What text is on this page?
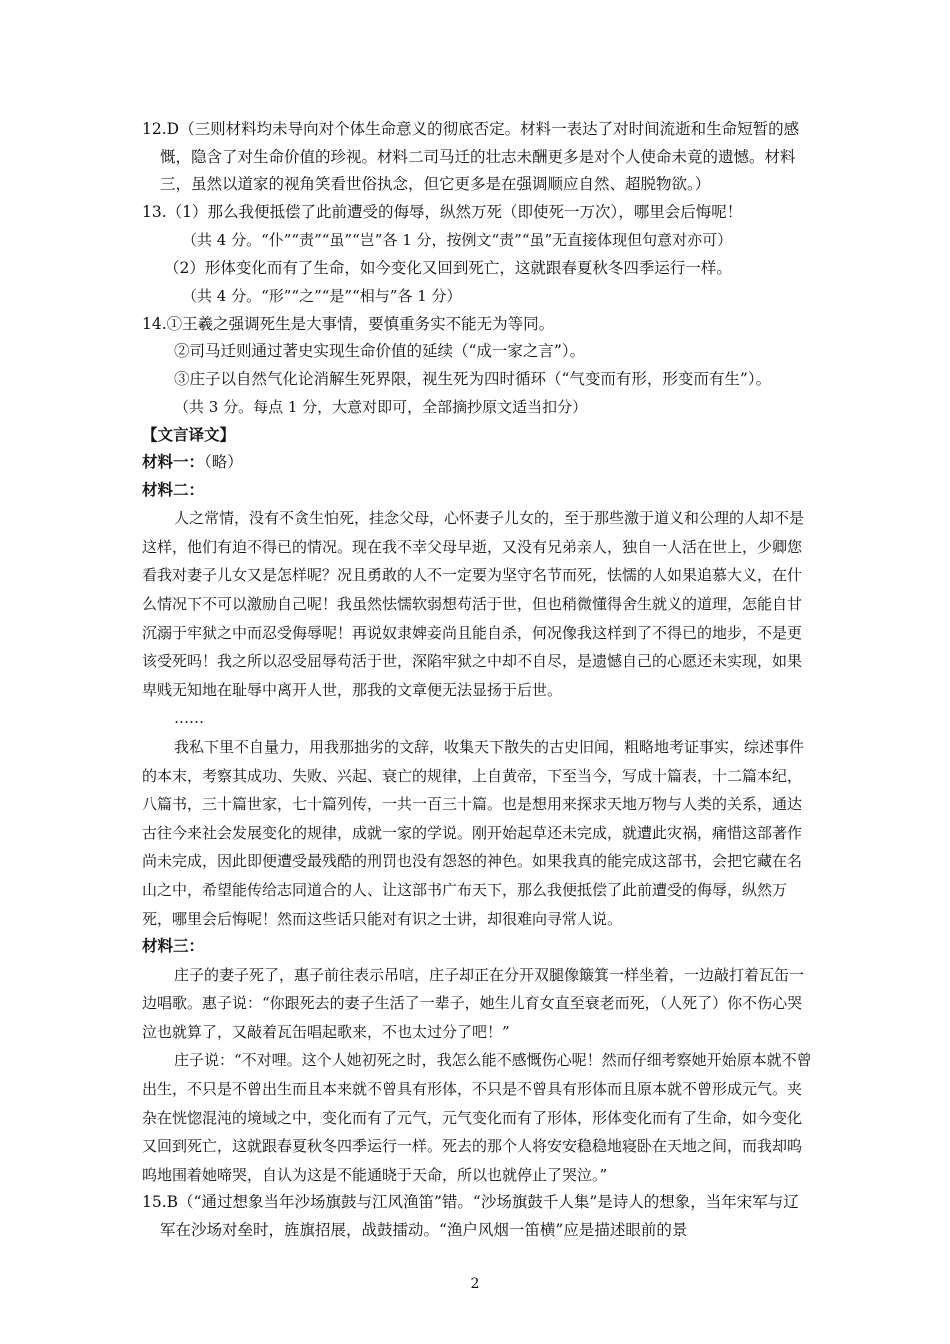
12.D（三则材料均未导向对个体生命意义的彻底否定。材料一表达了对时间流逝和生命短暂的感慨，隐含了对生命价值的珍视。材料二司马迁的壮志未酬更多是对个人使命未竟的遗憾。材料三，虽然以道家的视角笑看世俗执念，但它更多是在强调顺应自然、超脱物欲。）

13.（1）那么我便抵偿了此前遭受的侮辱，纵然万死（即使死一万次），哪里会后悔呢！

（共 4 分。“仆”“责”“虽”“岂”各 1 分，按例文“责”“虽”无直接体现但句意对亦可）

（2）形体变化而有了生命，如今变化又回到死亡，这就跟春夏秋冬四季运行一样。

（共 4 分。“形”“之”“是”“相与”各 1 分）

14.①王羲之强调死生是大事情，要慎重务实不能无为等同。

②司马迁则通过著史实现生命价值的延续（“成一家之言”）。

③庄子以自然气化论消解生死界限，视生死为四时循环（“气变而有形，形变而有生”）。

（共 3 分。每点 1 分，大意对即可，全部摘抄原文适当扣分）

【文言译文】

材料一：（略）

材料二：

人之常情，没有不贪生怕死，挂念父母，心怀妻子儿女的，至于那些激于道义和公理的人却不是这样，他们有迫不得已的情况。现在我不幸父母早逝，又没有兄弟亲人，独自一人活在世上，少卿您看我对妻子儿女又是怎样呢？况且勇敢的人不一定要为坚守名节而死，怯懦的人如果追慕大义，在什么情况下不可以激励自己呢！我虽然怯懦软弱想苟活于世，但也稍微懂得舍生就义的道理，怎能自甘沉溺于牢狱之中而忍受侮辱呢！再说奴隶婢妾尚且能自杀，何况像我这样到了不得已的地步，不是更该受死吗！我之所以忍受屈辱苟活于世，深陷牢狱之中却不自尽，是遗憾自己的心愿还未实现，如果卑贱无知地在耻辱中离开人世，那我的文章便无法显扬于后世。

……

我私下里不自量力，用我那拙劣的文辞，收集天下散失的古史旧闻，粗略地考证事实，综述事件的本末，考察其成功、失败、兴起、衰亡的规律，上自黄帝，下至当今，写成十篇表，十二篇本纪，八篇书，三十篇世家，七十篇列传，一共一百三十篇。也是想用来探求天地万物与人类的关系，通达古往今来社会发展变化的规律，成就一家的学说。刚开始起草还未完成，就遭此灾祸，痛惜这部著作尚未完成，因此即便遭受最残酷的刑罚也没有怨怒的神色。如果我真的能完成这部书，会把它藏在名山之中，希望能传给志同道合的人、让这部书广布天下，那么我便抵偿了此前遭受的侮辱，纵然万死，哪里会后悔呢！然而这些话只能对有识之士讲，却很难向寻常人说。

材料三：

庄子的妻子死了，惠子前往表示吊唁，庄子却正在分开双腿像簸箕一样坐着，一边敲打着瓦缶一边唱歌。惠子说：“你跟死去的妻子生活了一辈子，她生儿育女直至衰老而死，（人死了）你不伤心哭泣也就算了，又敲着瓦缶唱起歌来，不也太过分了吧！”

庄子说：“不对哩。这个人她初死之时，我怎么能不感慨伤心呢！然而仔细考察她开始原本就不曾出生，不只是不曾出生而且本来就不曾具有形体，不只是不曾具有形体而且原本就不曾形成元气。夹杂在恍惚混沌的境域之中，变化而有了元气，元气变化而有了形体，形体变化而有了生命，如今变化又回到死亡，这就跟春夏秋冬四季运行一样。死去的那个人将安安稳稳地寝卧在天地之间，而我却呜呜地围着她啼哭，自认为这是不能通晓于天命，所以也就停止了哭泣。”

15.B（“通过想象当年沙场旗鼓与江风渔笛”错。“沙场旗鼓千人集”是诗人的想象，当年宋军与辽军在沙场对垒时，旌旗招展，战鼓擂动。“渔户风烟一笛横”应是描述眼前的景

2
